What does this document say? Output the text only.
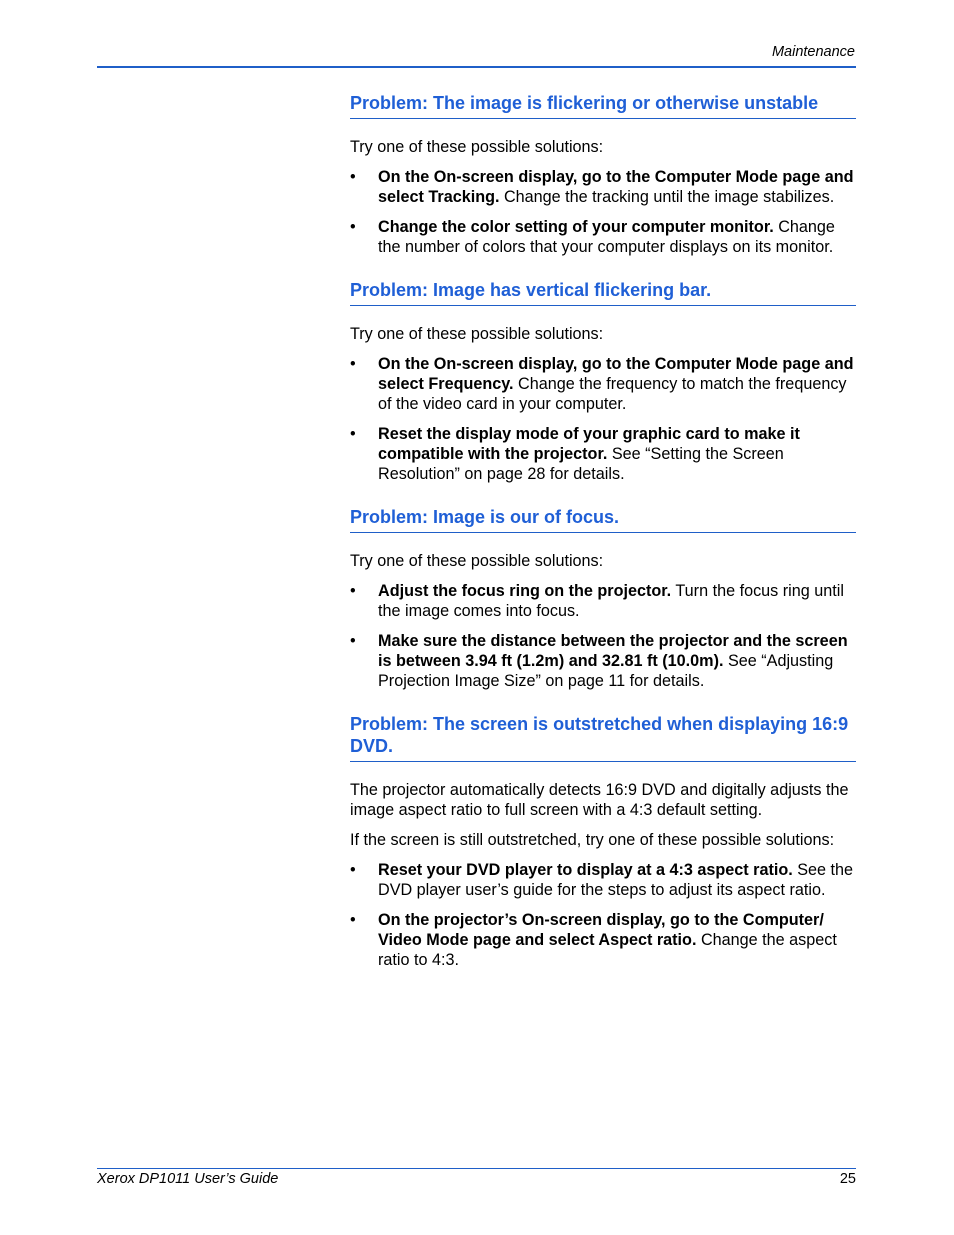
Maintenance
Problem: The image is flickering or otherwise unstable

Try one of these possible solutions:

• On the On-screen display, go to the Computer Mode page and select Tracking. Change the tracking until the image stabilizes.
• Change the color setting of your computer monitor. Change the number of colors that your computer displays on its monitor.
Problem: Image has vertical flickering bar.

Try one of these possible solutions:

• On the On-screen display, go to the Computer Mode page and select Frequency. Change the frequency to match the frequency of the video card in your computer.
• Reset the display mode of your graphic card to make it compatible with the projector. See “Setting the Screen Resolution” on page 28 for details.
Problem: Image is our of focus.

Try one of these possible solutions:

• Adjust the focus ring on the projector. Turn the focus ring until the image comes into focus.
• Make sure the distance between the projector and the screen is between 3.94 ft (1.2m) and 32.81 ft (10.0m). See “Adjusting Projection Image Size” on page 11 for details.
Problem: The screen is outstretched when displaying 16:9 DVD.

The projector automatically detects 16:9 DVD and digitally adjusts the image aspect ratio to full screen with a 4:3 default setting.

If the screen is still outstretched, try one of these possible solutions:

• Reset your DVD player to display at a 4:3 aspect ratio. See the DVD player user’s guide for the steps to adjust its aspect ratio.
• On the projector’s On-screen display, go to the Computer/ Video Mode page and select Aspect ratio. Change the aspect ratio to 4:3.
Xerox DP1011 User’s Guide	25
